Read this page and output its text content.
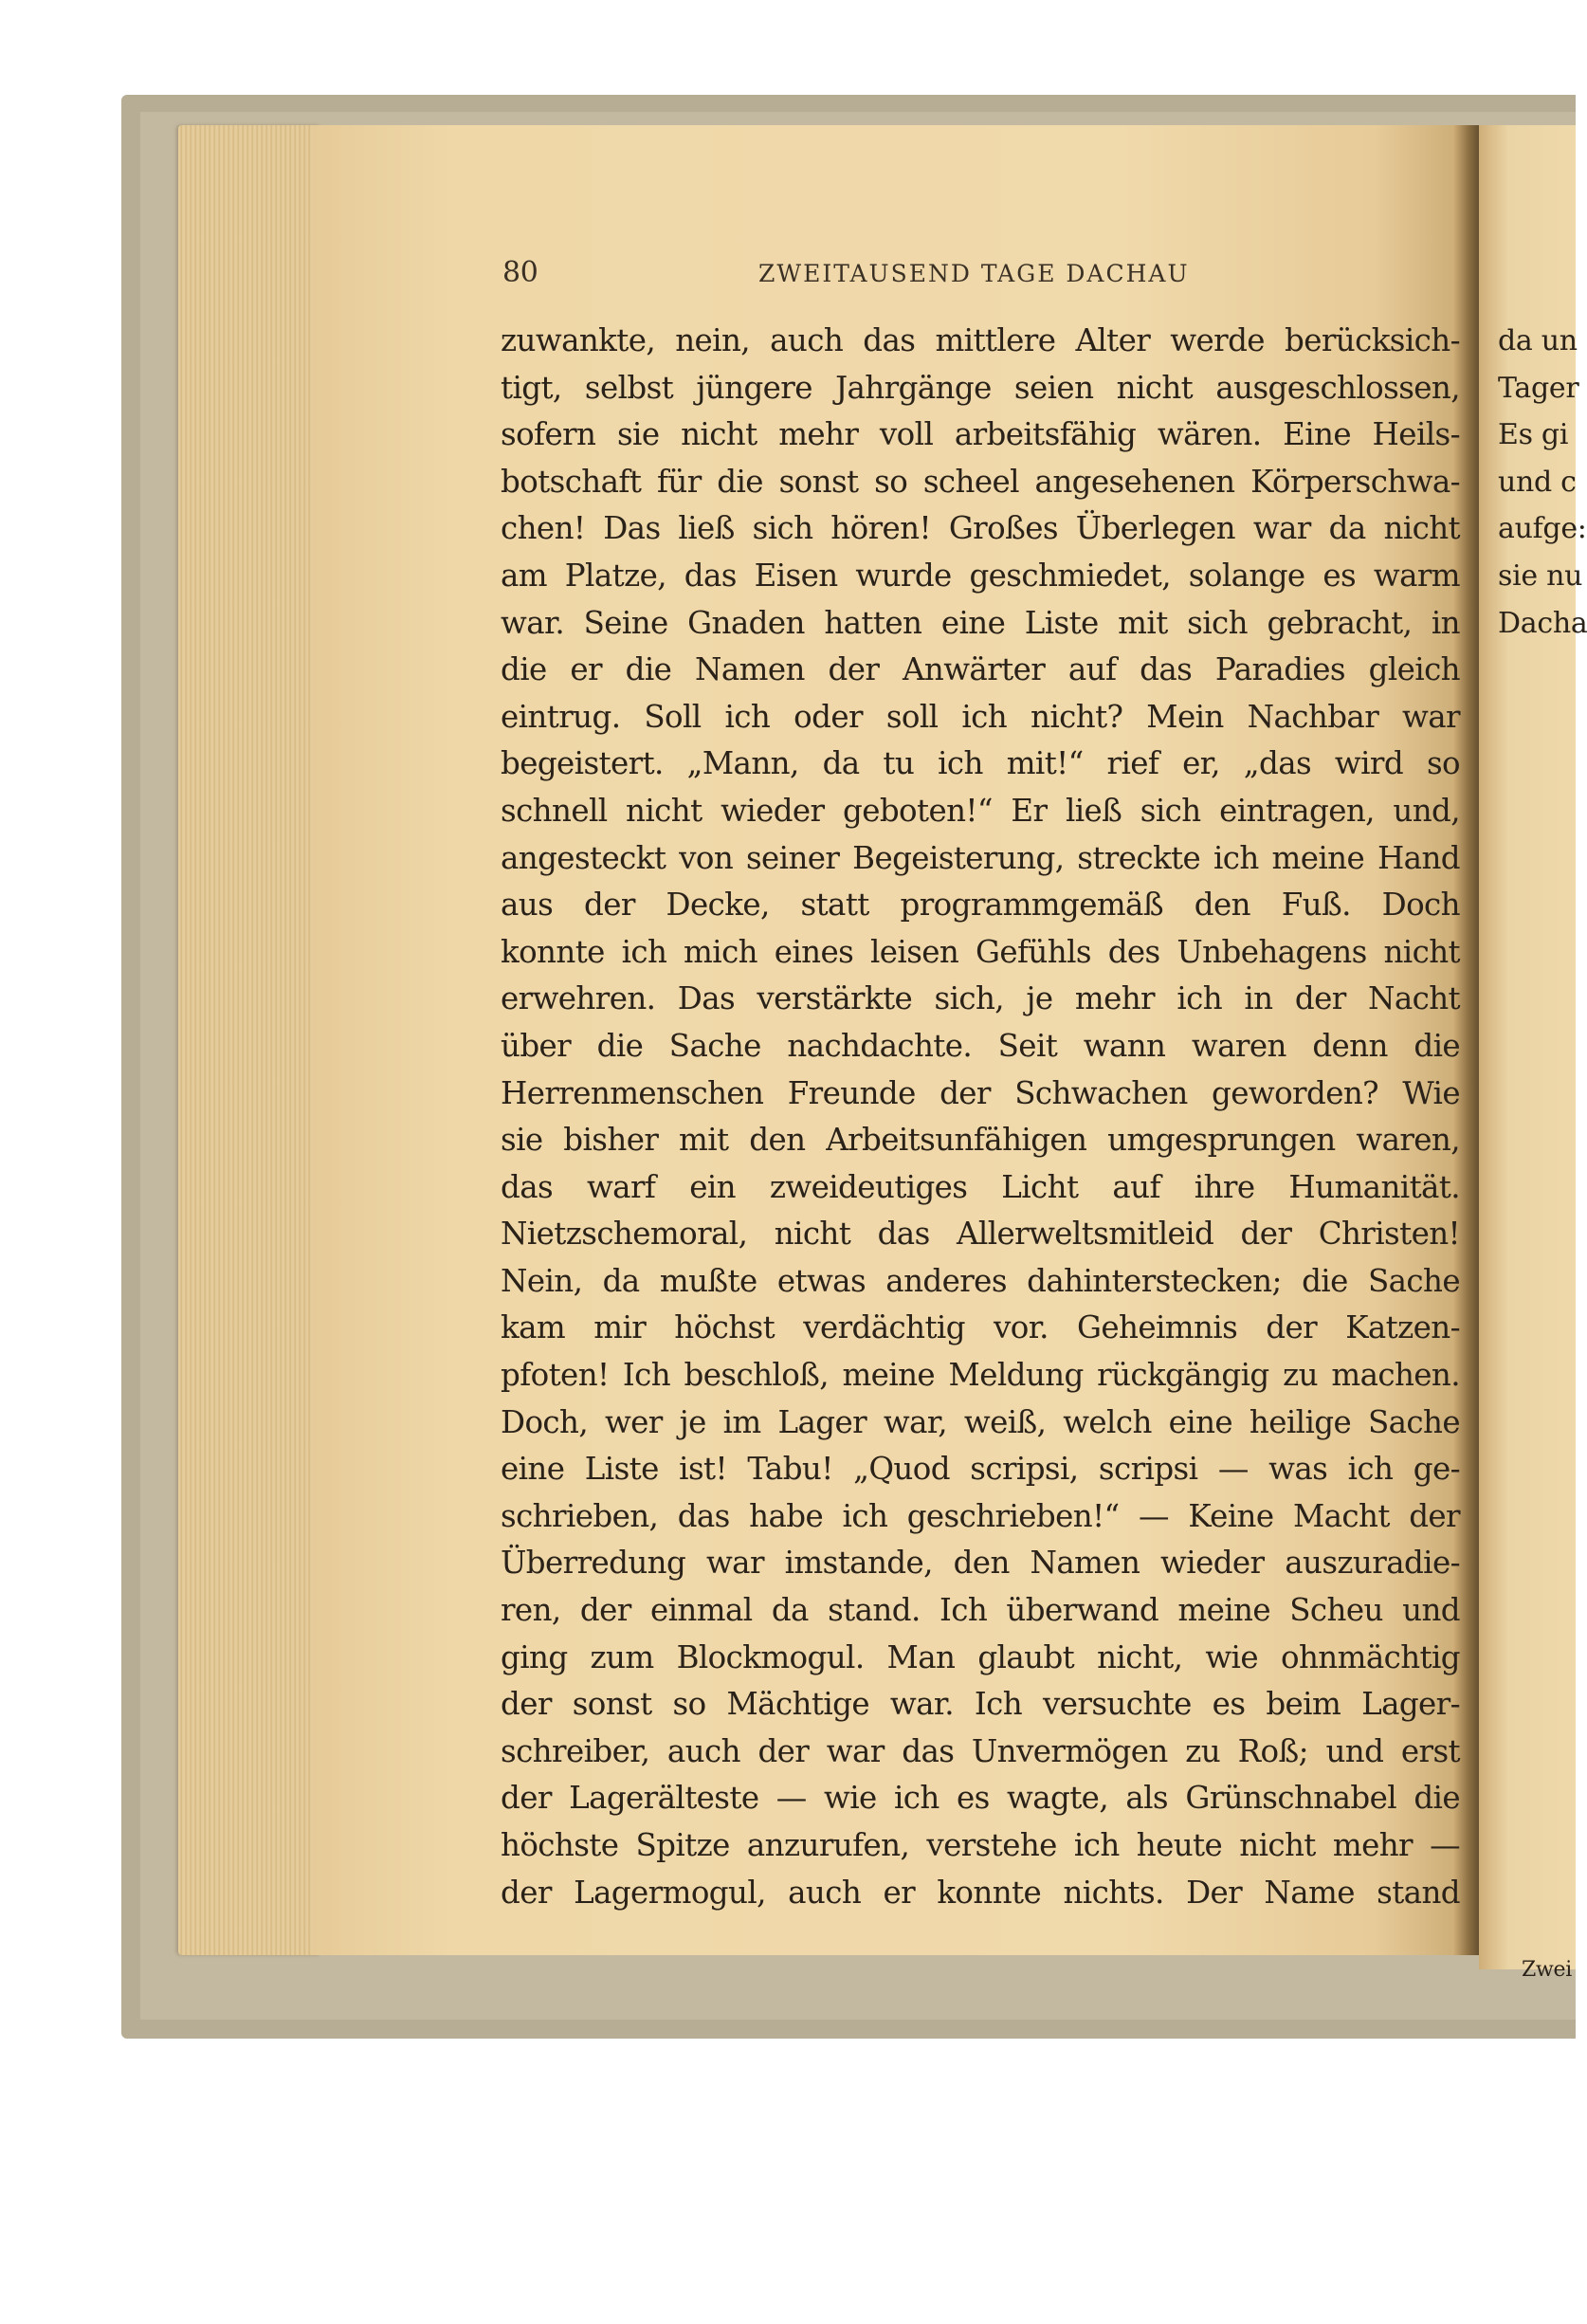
80	ZWEITAUSEND TAGE DACHAU
zuwankte, nein, auch das mittlere Alter werde berücksich-
tigt, selbst jüngere Jahrgänge seien nicht ausgeschlossen,
sofern sie nicht mehr voll arbeitsfähig wären. Eine Heils-
botschaft für die sonst so scheel angesehenen Körperschwa-
chen! Das ließ sich hören! Großes Überlegen war da nicht
am Platze, das Eisen wurde geschmiedet, solange es warm
war. Seine Gnaden hatten eine Liste mit sich gebracht, in
die er die Namen der Anwärter auf das Paradies gleich
eintrug. Soll ich oder soll ich nicht? Mein Nachbar war
begeistert. „Mann, da tu ich mit!“ rief er, „das wird so
schnell nicht wieder geboten!“ Er ließ sich eintragen, und,
angesteckt von seiner Begeisterung, streckte ich meine Hand
aus der Decke, statt programmgemäß den Fuß. Doch
konnte ich mich eines leisen Gefühls des Unbehagens nicht
erwehren. Das verstärkte sich, je mehr ich in der Nacht
über die Sache nachdachte. Seit wann waren denn die
Herrenmenschen Freunde der Schwachen geworden? Wie
sie bisher mit den Arbeitsunfähigen umgesprungen waren,
das warf ein zweideutiges Licht auf ihre Humanität.
Nietzschemoral, nicht das Allerweltsmitleid der Christen!
Nein, da mußte etwas anderes dahinterstecken; die Sache
kam mir höchst verdächtig vor. Geheimnis der Katzen-
pfoten! Ich beschloß, meine Meldung rückgängig zu machen.
Doch, wer je im Lager war, weiß, welch eine heilige Sache
eine Liste ist! Tabu! „Quod scripsi, scripsi — was ich ge-
schrieben, das habe ich geschrieben!“ — Keine Macht der
Überredung war imstande, den Namen wieder auszuradie-
ren, der einmal da stand. Ich überwand meine Scheu und
ging zum Blockmogul. Man glaubt nicht, wie ohnmächtig
der sonst so Mächtige war. Ich versuchte es beim Lager-
schreiber, auch der war das Unvermögen zu Roß; und erst
der Lagerälteste — wie ich es wagte, als Grünschnabel die
höchste Spitze anzurufen, verstehe ich heute nicht mehr —
der Lagermogul, auch er konnte nichts. Der Name stand
da un
Tager
Es gi
und c
aufge:
sie nu
Dacha
Zwei
